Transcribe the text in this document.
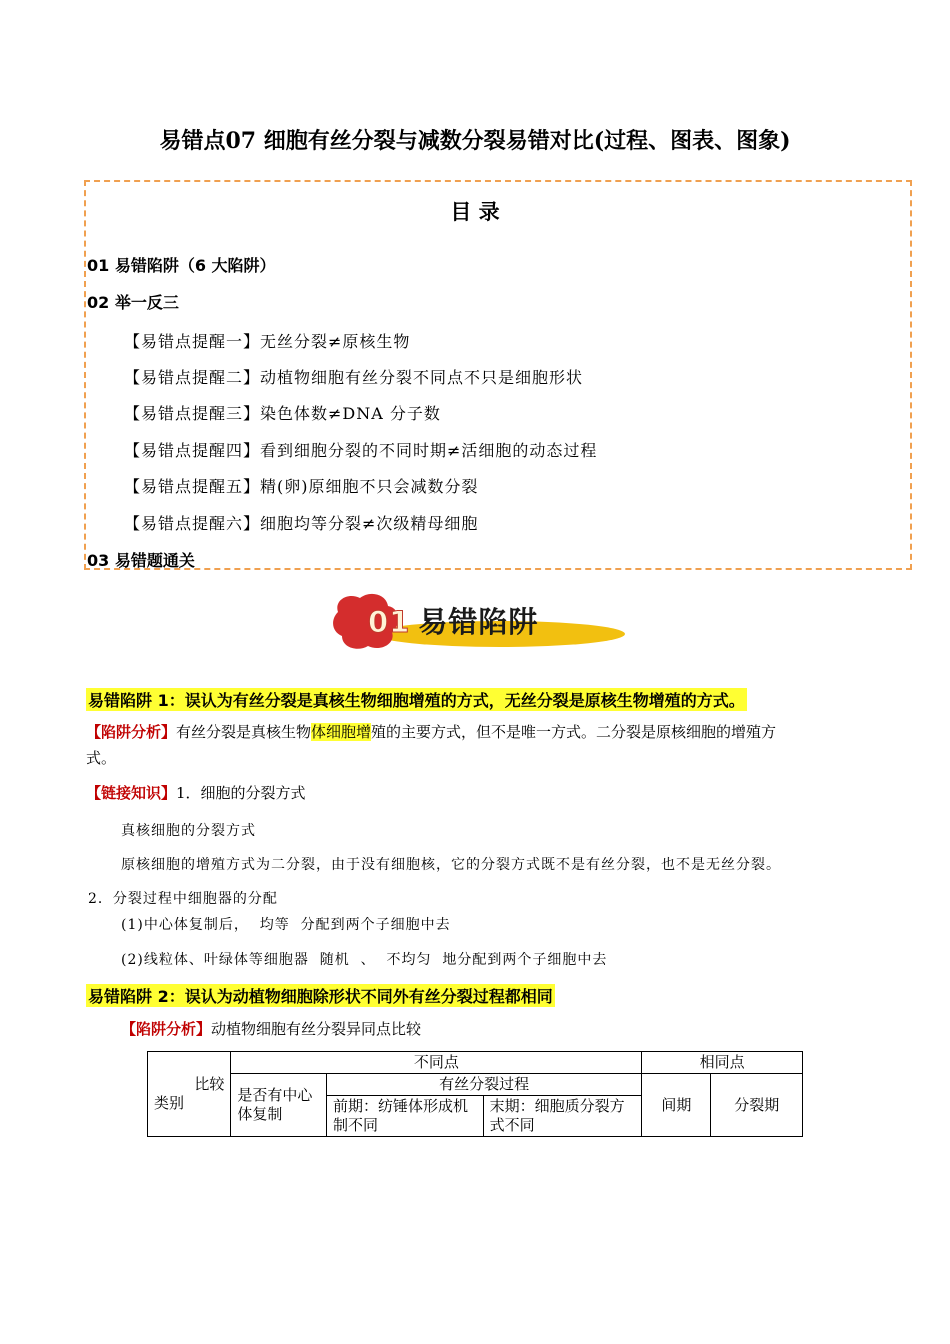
易错点07 细胞有丝分裂与减数分裂易错对比(过程、图表、图象)
目 录
01 易错陷阱（6 大陷阱）
02 举一反三
【易错点提醒一】无丝分裂≠原核生物
【易错点提醒二】动植物细胞有丝分裂不同点不只是细胞形状
【易错点提醒三】染色体数≠DNA 分子数
【易错点提醒四】看到细胞分裂的不同时期≠活细胞的动态过程
【易错点提醒五】精(卵)原细胞不只会减数分裂
【易错点提醒六】细胞均等分裂≠次级精母细胞
03 易错题通关
01 易错陷阱
易错陷阱 1：误认为有丝分裂是真核生物细胞增殖的方式，无丝分裂是原核生物增殖的方式。
【陷阱分析】有丝分裂是真核生物体细胞增殖的主要方式，但不是唯一方式。二分裂是原核细胞的增殖方
式。
【链接知识】1．细胞的分裂方式
真核细胞的分裂方式
原核细胞的增殖方式为二分裂，由于没有细胞核，它的分裂方式既不是有丝分裂，也不是无丝分裂。
2．分裂过程中细胞器的分配
(1)中心体复制后，  均等  分配到两个子细胞中去
(2)线粒体、叶绿体等细胞器  随机  、  不均匀  地分配到两个子细胞中去
易错陷阱 2：误认为动植物细胞除形状不同外有丝分裂过程都相同
【陷阱分析】动植物细胞有丝分裂异同点比较
比较
类别	不同点			相同点	
	是否有中心体复制	有丝分裂过程		间期	分裂期
		前期：纺锤体形成机制不同	末期：细胞质分裂方式不同		
